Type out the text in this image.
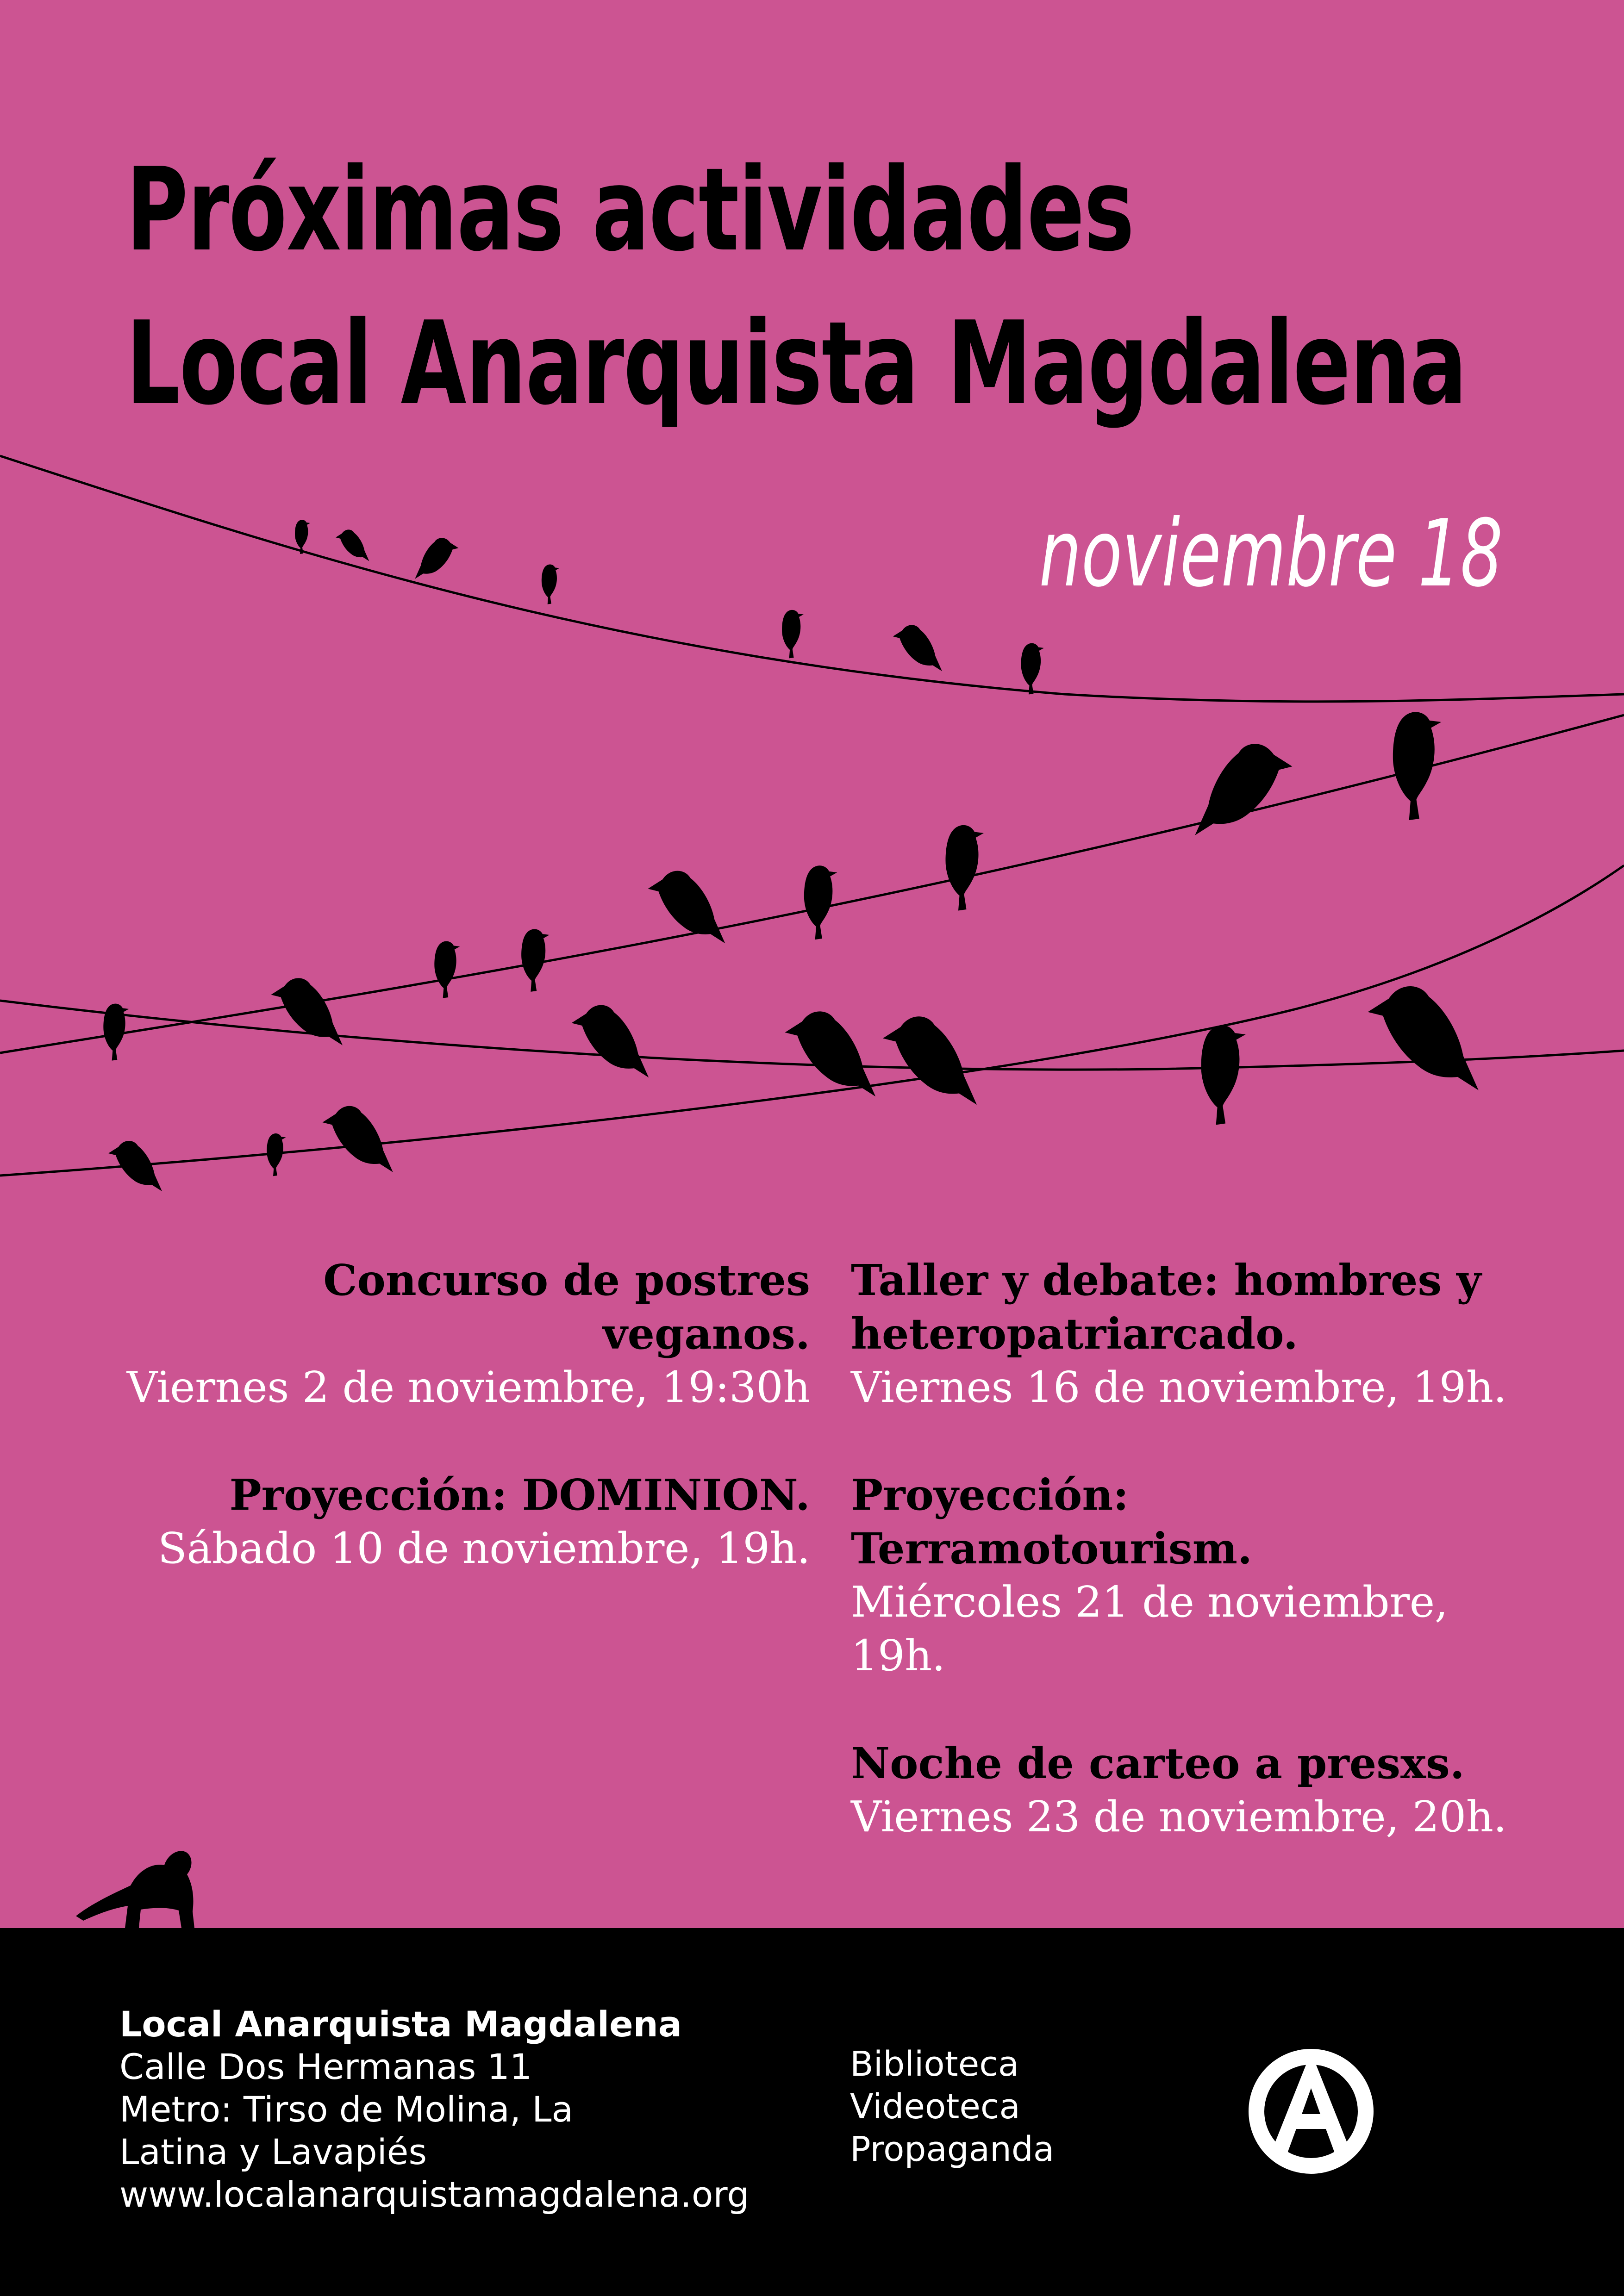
Próximas actividades
Local Anarquista Magdalena
noviembre 18
Concurso de postres veganos.
Viernes 2 de noviembre, 19:30h
Proyección: DOMINION.
Sábado 10 de noviembre, 19h.
Taller y debate: hombres y heteropatriarcado.
Viernes 16 de noviembre, 19h.
Proyección: Terramotourism.
Miércoles 21 de noviembre, 19h.
Noche de carteo a presxs.
Viernes 23 de noviembre, 20h.
Local Anarquista Magdalena
Calle Dos Hermanas 11
Metro: Tirso de Molina, La Latina y Lavapiés
www.localanarquistamagdalena.org
Biblioteca
Videoteca
Propaganda
